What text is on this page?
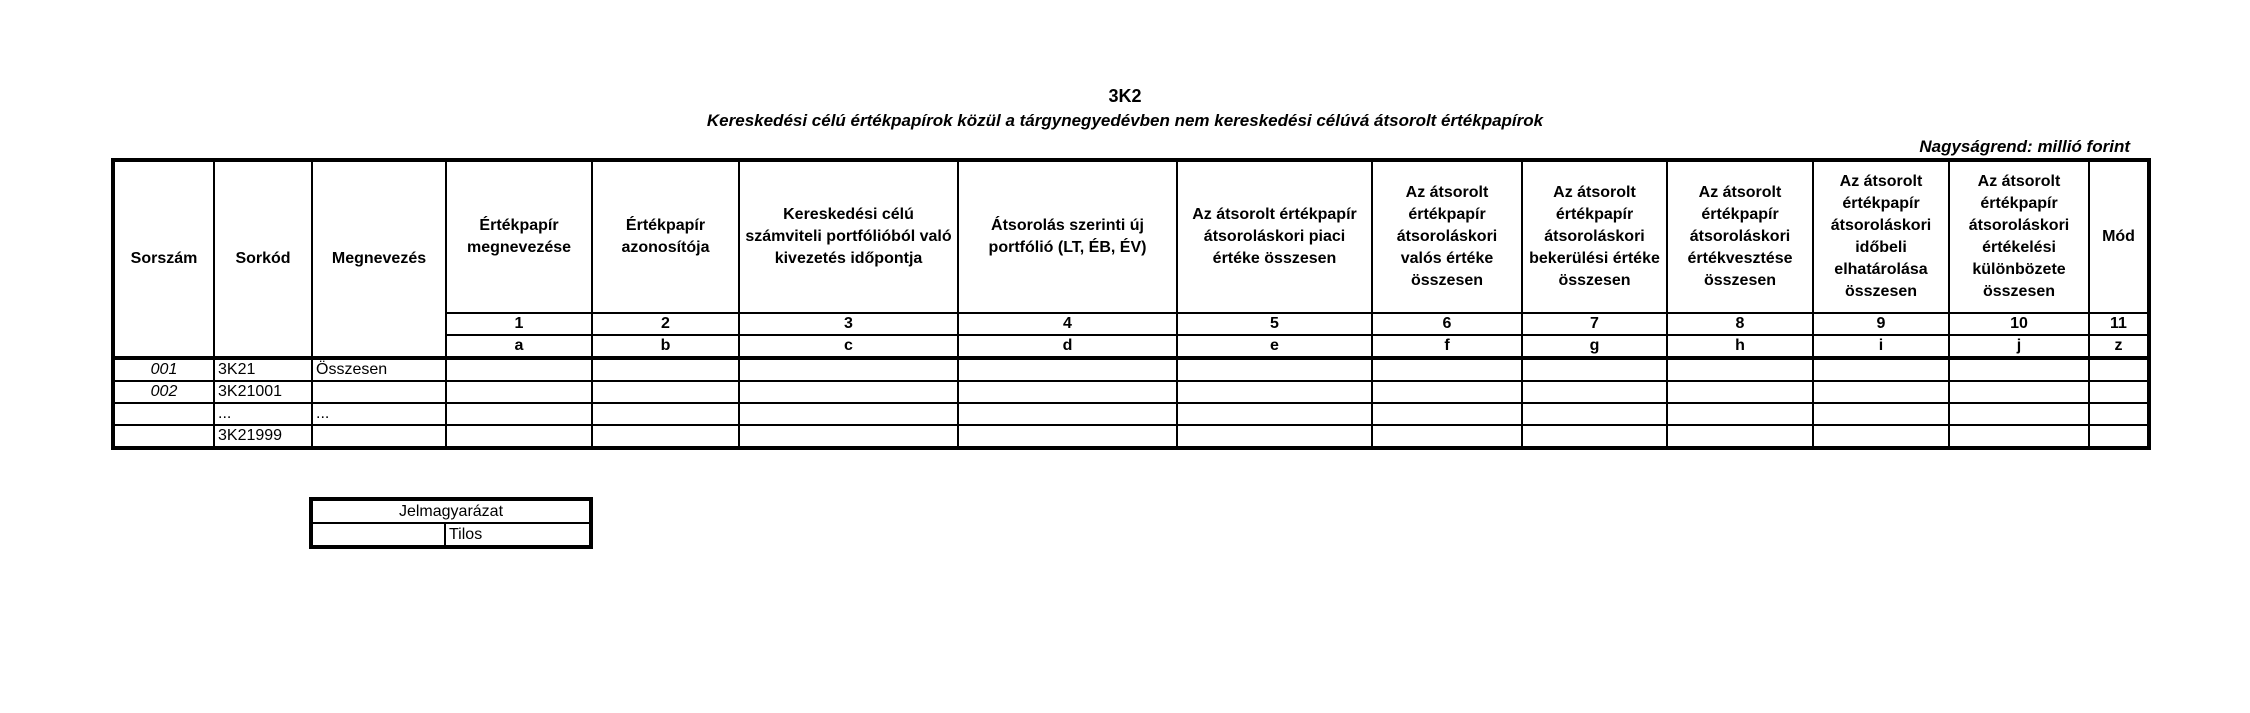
3K2
Kereskedési célú értékpapírok közül a tárgynegyedévben nem kereskedési célúvá átsorolt értékpapírok
Nagyságrend: millió forint
Sorszám	Sorkód	Megnevezés	Értékpapír megnevezése	Értékpapír azonosítója	Kereskedési célú számviteli portfólióból való kivezetés időpontja	Átsorolás szerinti új portfólió (LT, ÉB, ÉV)	Az átsorolt értékpapír átsoroláskori piaci értéke összesen	Az átsorolt értékpapír átsoroláskori valós értéke összesen	Az átsorolt értékpapír átsoroláskori bekerülési értéke összesen	Az átsorolt értékpapír átsoroláskori értékvesztése összesen	Az átsorolt értékpapír átsoroláskori időbeli elhatárolása összesen	Az átsorolt értékpapír átsoroláskori értékelési különbözete összesen	Mód
			1	2	3	4	5	6	7	8	9	10	11
			a	b	c	d	e	f	g	h	i	j	z
001	3K21	Összesen											
002	3K21001												
	...	...											
	3K21999												
Jelmagyarázat
	Tilos
